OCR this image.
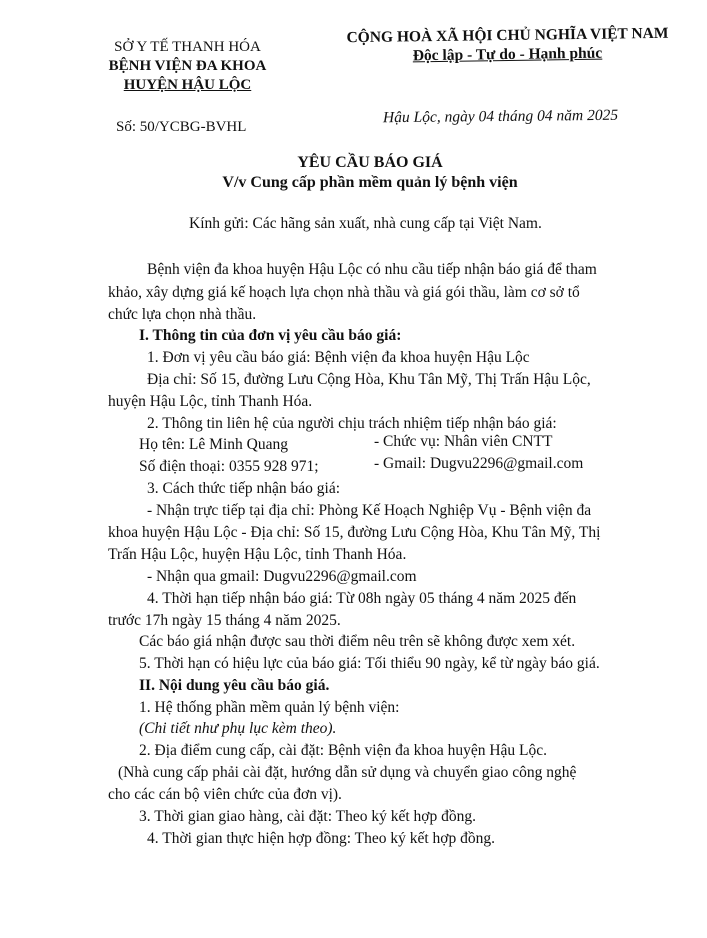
SỞ Y TẾ THANH HÓA
BỆNH VIỆN ĐA KHOA
HUYỆN HẬU LỘC
Số: 50/YCBG-BVHL
CỘNG HOÀ XÃ HỘI CHỦ NGHĨA VIỆT NAM
Độc lập - Tự do - Hạnh phúc
Hậu Lộc, ngày 04 tháng 04 năm 2025
YÊU CẦU BÁO GIÁ
V/v Cung cấp phần mềm quản lý bệnh viện
Kính gửi: Các hãng sản xuất, nhà cung cấp tại Việt Nam.
Bệnh viện đa khoa huyện Hậu Lộc có nhu cầu tiếp nhận báo giá để tham
khảo, xây dựng giá kế hoạch lựa chọn nhà thầu và giá gói thầu, làm cơ sở tổ
chức lựa chọn nhà thầu.
I. Thông tin của đơn vị yêu cầu báo giá:
1. Đơn vị yêu cầu báo giá: Bệnh viện đa khoa huyện Hậu Lộc
Địa chỉ: Số 15, đường Lưu Cộng Hòa, Khu Tân Mỹ, Thị Trấn Hậu Lộc,
huyện Hậu Lộc, tỉnh Thanh Hóa.
2. Thông tin liên hệ của người chịu trách nhiệm tiếp nhận báo giá:
Họ tên: Lê Minh Quang	- Chức vụ: Nhân viên CNTT
Số điện thoại: 0355 928 971;	- Gmail: Dugvu2296@gmail.com
3. Cách thức tiếp nhận báo giá:
- Nhận trực tiếp tại địa chỉ: Phòng Kế Hoạch Nghiệp Vụ - Bệnh viện đa
khoa huyện Hậu Lộc - Địa chỉ: Số 15, đường Lưu Cộng Hòa, Khu Tân Mỹ, Thị
Trấn Hậu Lộc, huyện Hậu Lộc, tỉnh Thanh Hóa.
- Nhận qua gmail: Dugvu2296@gmail.com
4. Thời hạn tiếp nhận báo giá: Từ 08h ngày 05 tháng 4 năm 2025 đến
trước 17h ngày 15 tháng 4 năm 2025.
Các báo giá nhận được sau thời điểm nêu trên sẽ không được xem xét.
5. Thời hạn có hiệu lực của báo giá: Tối thiểu 90 ngày, kể từ ngày báo giá.
II. Nội dung yêu cầu báo giá.
1. Hệ thống phần mềm quản lý bệnh viện:
(Chi tiết như phụ lục kèm theo).
2. Địa điểm cung cấp, cài đặt: Bệnh viện đa khoa huyện Hậu Lộc.
(Nhà cung cấp phải cài đặt, hướng dẫn sử dụng và chuyển giao công nghệ
cho các cán bộ viên chức của đơn vị).
3. Thời gian giao hàng, cài đặt: Theo ký kết hợp đồng.
4. Thời gian thực hiện hợp đồng: Theo ký kết hợp đồng.
